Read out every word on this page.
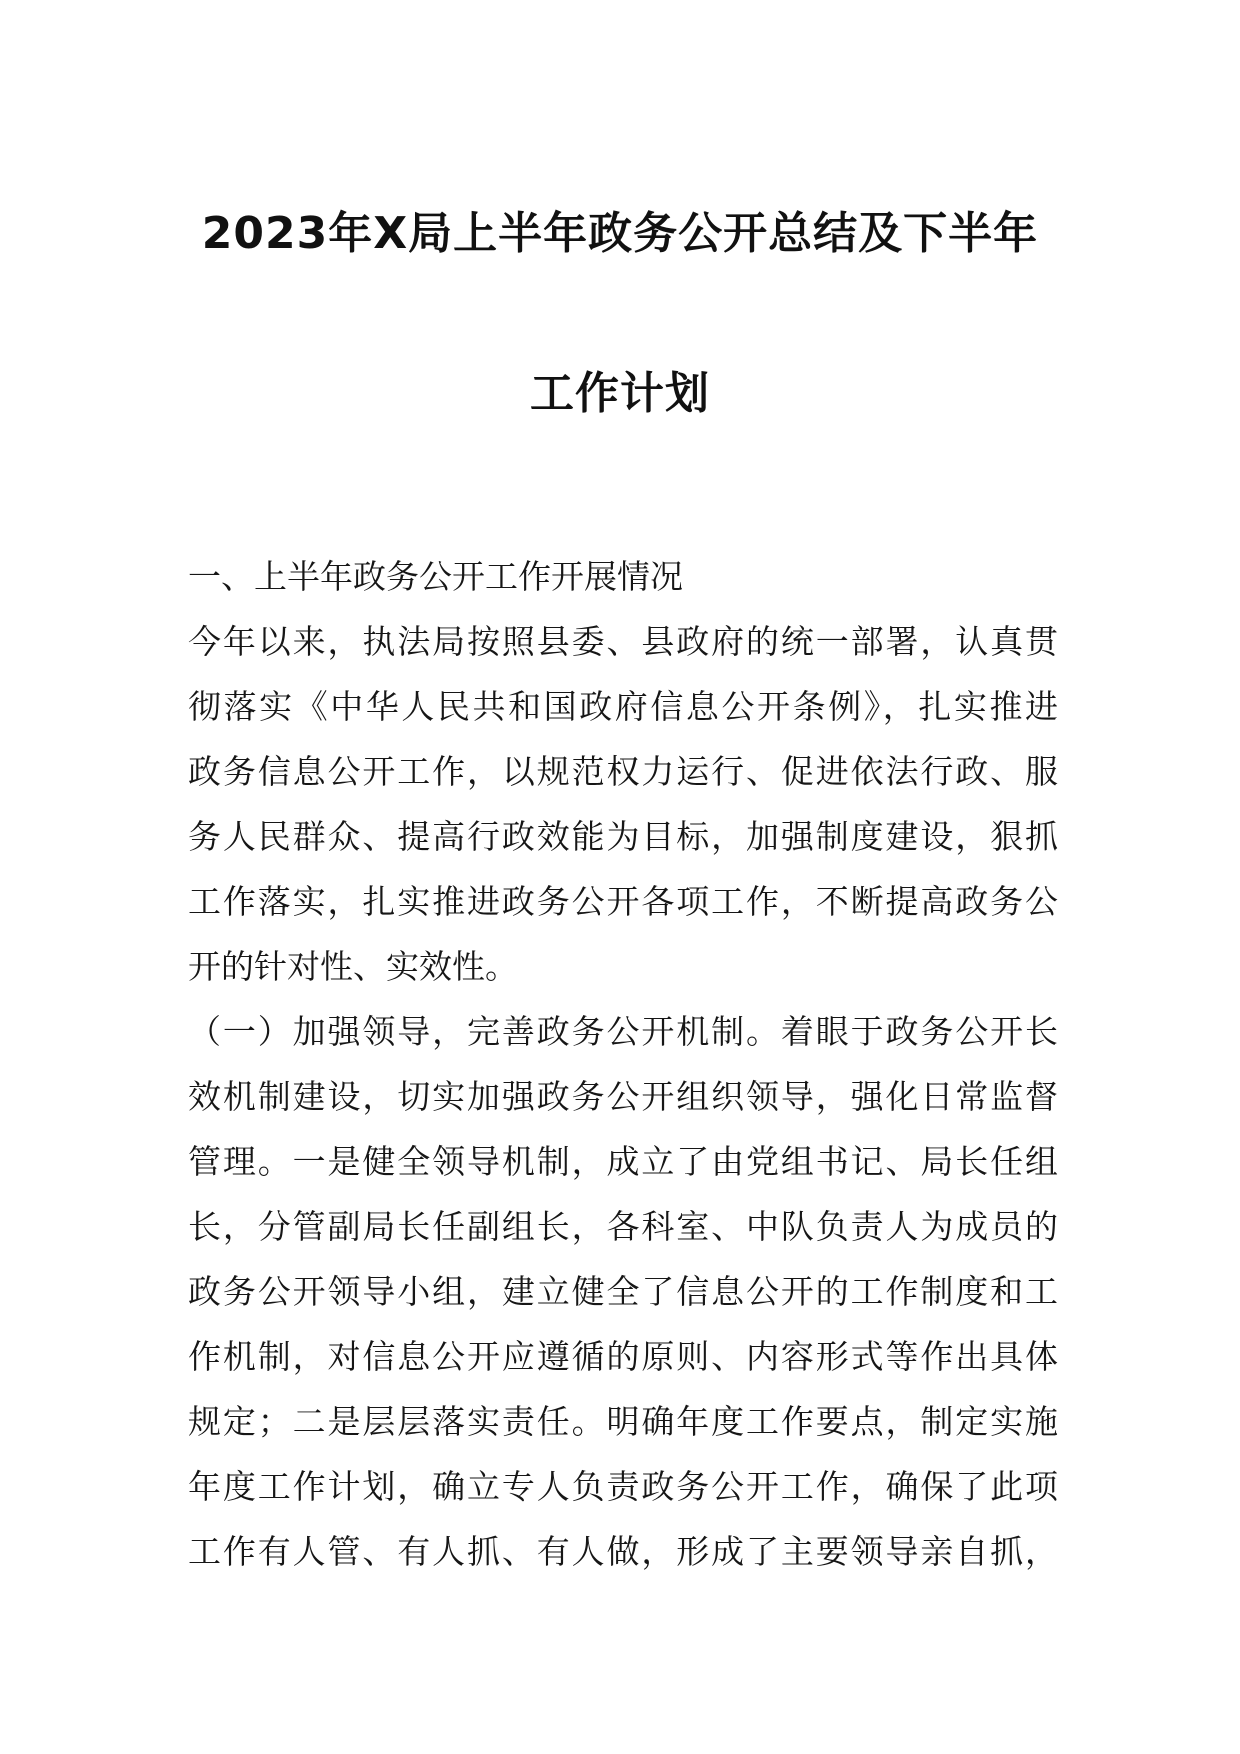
2023年X局上半年政务公开总结及下半年
工作计划
一、上半年政务公开工作开展情况
今年以来，执法局按照县委、县政府的统一部署，认真贯
彻落实《中华人民共和国政府信息公开条例》，扎实推进
政务信息公开工作，以规范权力运行、促进依法行政、服
务人民群众、提高行政效能为目标，加强制度建设，狠抓
工作落实，扎实推进政务公开各项工作，不断提高政务公
开的针对性、实效性。
（一）加强领导，完善政务公开机制。着眼于政务公开长
效机制建设，切实加强政务公开组织领导，强化日常监督
管理。一是健全领导机制，成立了由党组书记、局长任组
长，分管副局长任副组长，各科室、中队负责人为成员的
政务公开领导小组，建立健全了信息公开的工作制度和工
作机制，对信息公开应遵循的原则、内容形式等作出具体
规定；二是层层落实责任。明确年度工作要点，制定实施
年度工作计划，确立专人负责政务公开工作，确保了此项
工作有人管、有人抓、有人做，形成了主要领导亲自抓，
